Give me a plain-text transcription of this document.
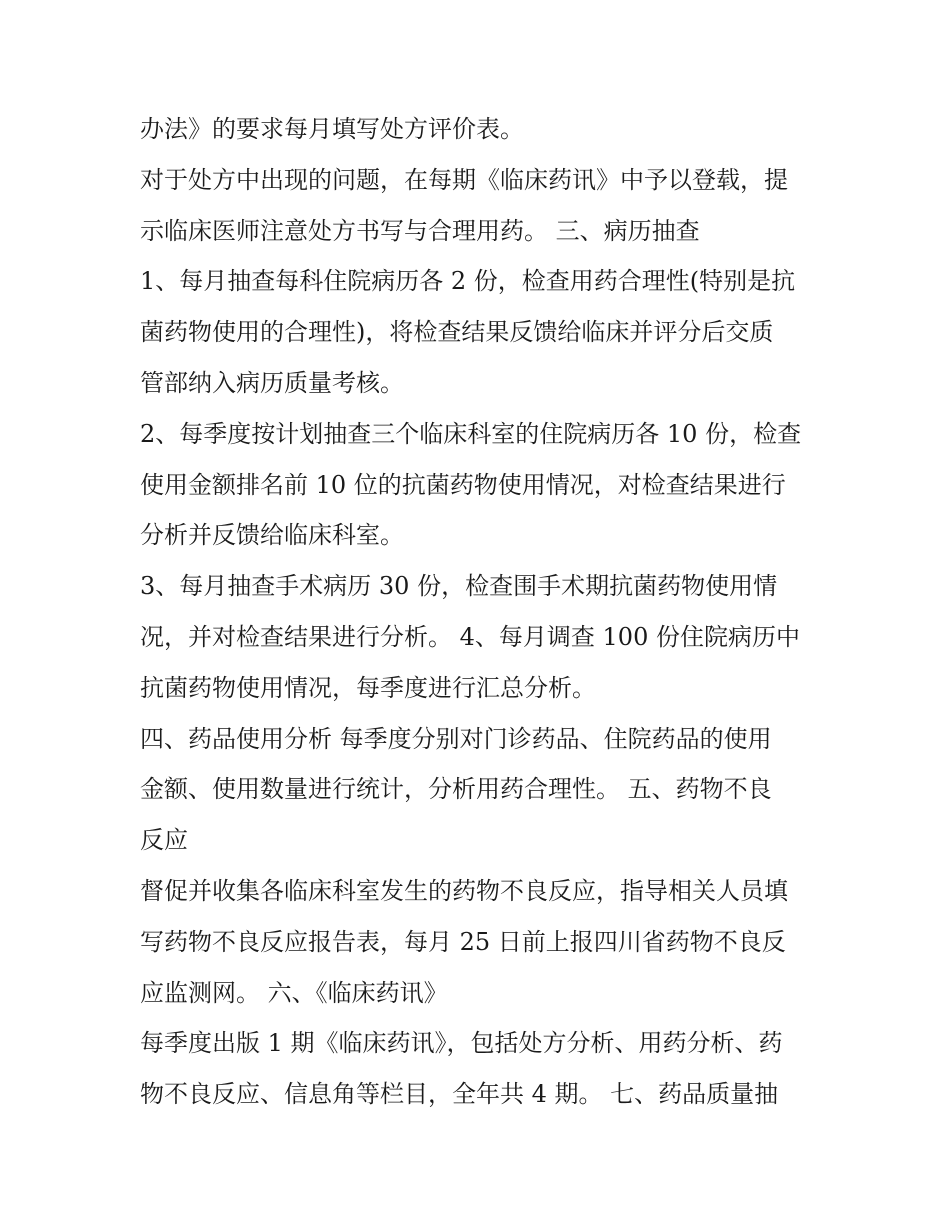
办法》的要求每月填写处方评价表。
对于处方中出现的问题，在每期《临床药讯》中予以登载，提
示临床医师注意处方书写与合理用药。 三、病历抽查
1、每月抽查每科住院病历各 2 份，检查用药合理性(特别是抗
菌药物使用的合理性)，将检查结果反馈给临床并评分后交质
管部纳入病历质量考核。
2、每季度按计划抽查三个临床科室的住院病历各 10 份，检查
使用金额排名前 10 位的抗菌药物使用情况，对检查结果进行
分析并反馈给临床科室。
3、每月抽查手术病历 30 份，检查围手术期抗菌药物使用情
况，并对检查结果进行分析。 4、每月调查 100 份住院病历中
抗菌药物使用情况，每季度进行汇总分析。
四、药品使用分析 每季度分别对门诊药品、住院药品的使用
金额、使用数量进行统计，分析用药合理性。 五、药物不良
反应
督促并收集各临床科室发生的药物不良反应，指导相关人员填
写药物不良反应报告表，每月 25 日前上报四川省药物不良反
应监测网。 六、《临床药讯》
每季度出版 1 期《临床药讯》，包括处方分析、用药分析、药
物不良反应、信息角等栏目，全年共 4 期。 七、药品质量抽
